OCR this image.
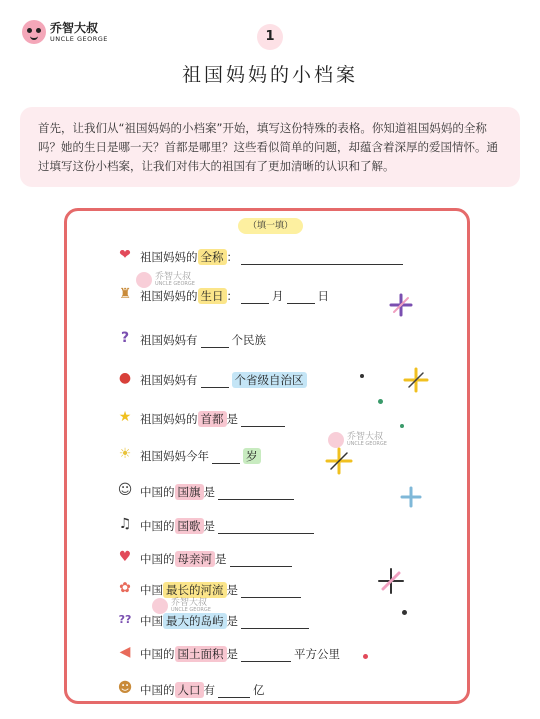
乔智大叔
UNCLE GEORGE	1
祖国妈妈的小档案
首先，让我们从“祖国妈妈的小档案”开始，填写这份特殊的表格。你知道祖国妈妈的全称吗？她的生日是哪一天？首都是哪里？这些看似简单的问题，却蕴含着深厚的爱国情怀。通过填写这份小档案，让我们对伟大的祖国有了更加清晰的认识和了解。
（填一填）
❤ 祖国妈妈的 全称 ：
♜ 祖国妈妈的 生日 ：	月	日
? 祖国妈妈有	个民族
● 祖国妈妈有	个省级自治区
★ 祖国妈妈的 首都 是
☀ 祖国妈妈今年	岁
☺ 中国的 国旗 是
♫ 中国的 国歌 是
♥ 中国的 母亲河 是
✿ 中国 最长的河流 是
?? 中国 最大的岛屿 是
◀ 中国的 国土面积 是	平方公里
☻ 中国的 人口 有	亿
乔智大叔
UNCLE GEORGE
乔智大叔
UNCLE GEORGE
乔智大叔
UNCLE GEORGE
